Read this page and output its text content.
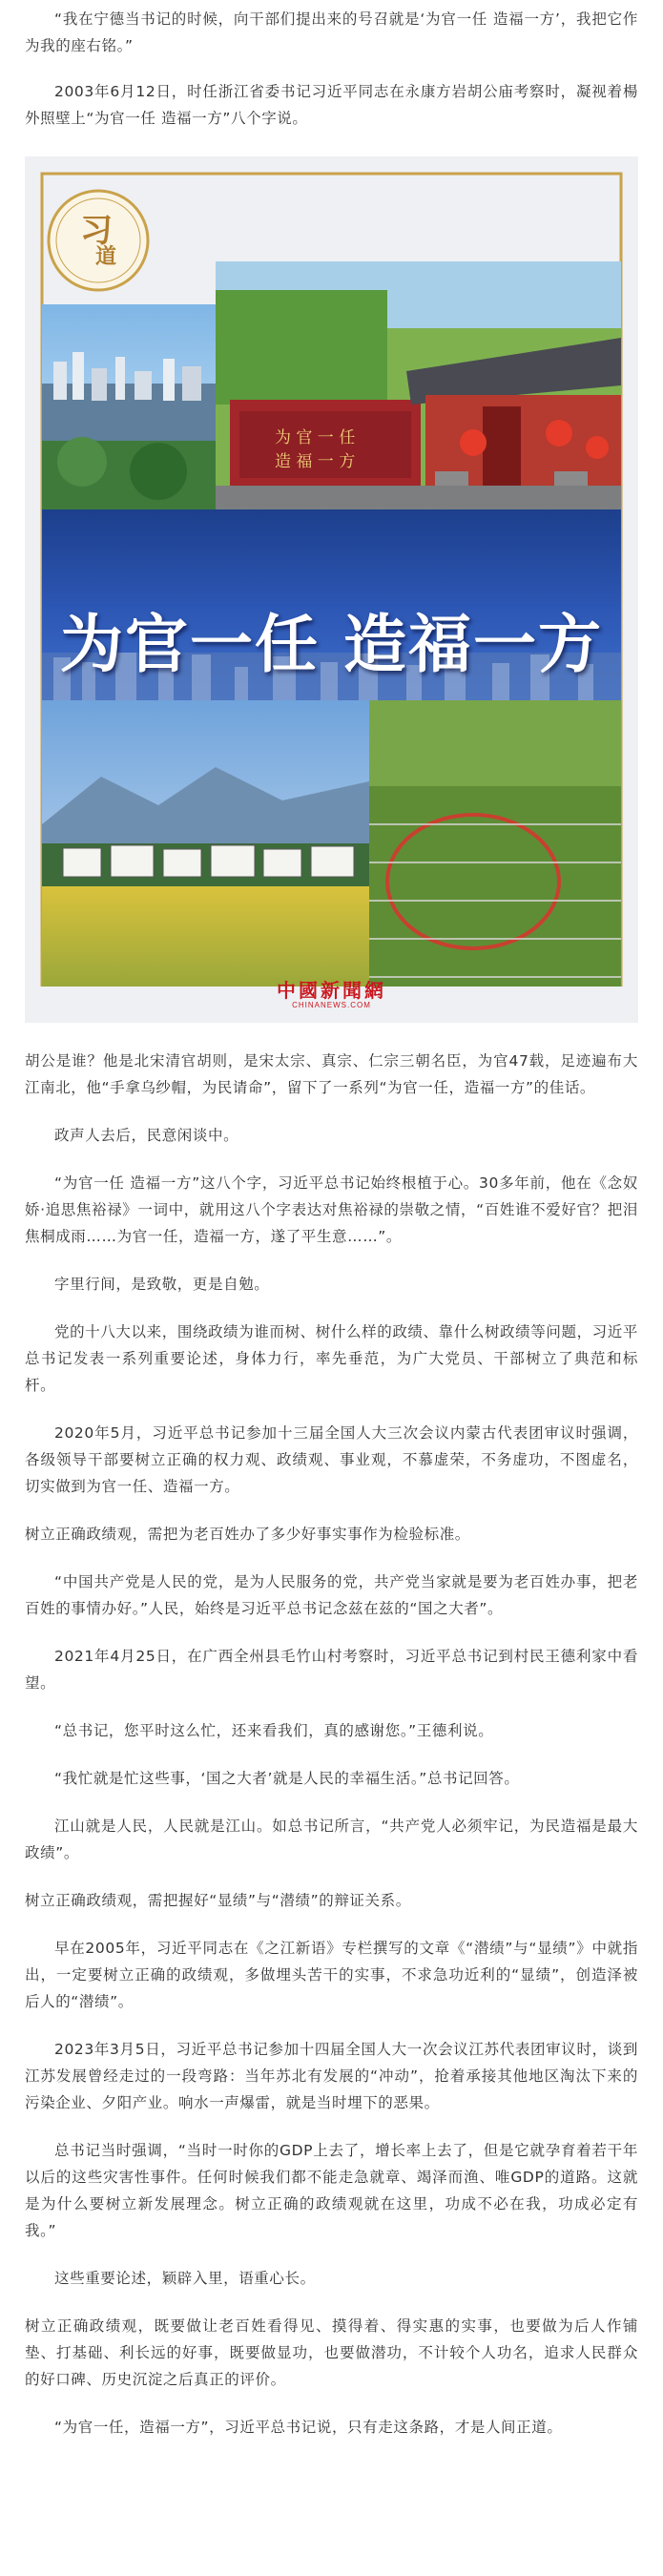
“我在宁德当书记的时候，向干部们提出来的号召就是‘为官一任 造福一方’，我把它作为我的座右铭。”

2003年6月12日，时任浙江省委书记习近平同志在永康方岩胡公庙考察时，凝视着楊外照壁上“为官一任 造福一方”八个字说。

为 官 一 任
造 福 一 方
习
道
为官一任 造福一方
中國新聞網
CHINANEWS.COM

胡公是谁？他是北宋清官胡则，是宋太宗、真宗、仁宗三朝名臣，为官47载，足迹遍布大江南北，他“手拿乌纱帽，为民请命”，留下了一系列“为官一任，造福一方”的佳话。

政声人去后，民意闲谈中。

“为官一任 造福一方”这八个字，习近平总书记始终根植于心。30多年前，他在《念奴娇·追思焦裕禄》一词中，就用这八个字表达对焦裕禄的崇敬之情，“百姓谁不爱好官？把泪焦桐成雨……为官一任，造福一方，遂了平生意……”。

字里行间，是致敬，更是自勉。

党的十八大以来，围绕政绩为谁而树、树什么样的政绩、靠什么树政绩等问题，习近平总书记发表一系列重要论述，身体力行，率先垂范，为广大党员、干部树立了典范和标杆。

2020年5月，习近平总书记参加十三届全国人大三次会议内蒙古代表团审议时强调，各级领导干部要树立正确的权力观、政绩观、事业观，不慕虚荣，不务虚功，不图虚名，切实做到为官一任、造福一方。

树立正确政绩观，需把为老百姓办了多少好事实事作为检验标准。

“中国共产党是人民的党，是为人民服务的党，共产党当家就是要为老百姓办事，把老百姓的事情办好。”人民，始终是习近平总书记念兹在兹的“国之大者”。

2021年4月25日，在广西全州县毛竹山村考察时，习近平总书记到村民王德利家中看望。

“总书记，您平时这么忙，还来看我们，真的感谢您。”王德利说。

“我忙就是忙这些事，‘国之大者’就是人民的幸福生活。”总书记回答。

江山就是人民，人民就是江山。如总书记所言，“共产党人必须牢记，为民造福是最大政绩”。

树立正确政绩观，需把握好“显绩”与“潜绩”的辩证关系。

早在2005年，习近平同志在《之江新语》专栏撰写的文章《“潜绩”与“显绩”》中就指出，一定要树立正确的政绩观，多做埋头苦干的实事，不求急功近利的“显绩”，创造泽被后人的“潜绩”。

2023年3月5日，习近平总书记参加十四届全国人大一次会议江苏代表团审议时，谈到江苏发展曾经走过的一段弯路：当年苏北有发展的“冲动”，抢着承接其他地区淘汰下来的污染企业、夕阳产业。响水一声爆雷，就是当时埋下的恶果。

总书记当时强调，“当时一时你的GDP上去了，增长率上去了，但是它就孕育着若干年以后的这些灾害性事件。任何时候我们都不能走急就章、竭泽而渔、唯GDP的道路。这就是为什么要树立新发展理念。树立正确的政绩观就在这里，功成不必在我，功成必定有我。”

这些重要论述，颖辟入里，语重心长。

树立正确政绩观，既要做让老百姓看得见、摸得着、得实惠的实事，也要做为后人作铺垫、打基础、利长远的好事，既要做显功，也要做潜功，不计较个人功名，追求人民群众的好口碑、历史沉淀之后真正的评价。

“为官一任，造福一方”，习近平总书记说，只有走这条路，才是人间正道。
